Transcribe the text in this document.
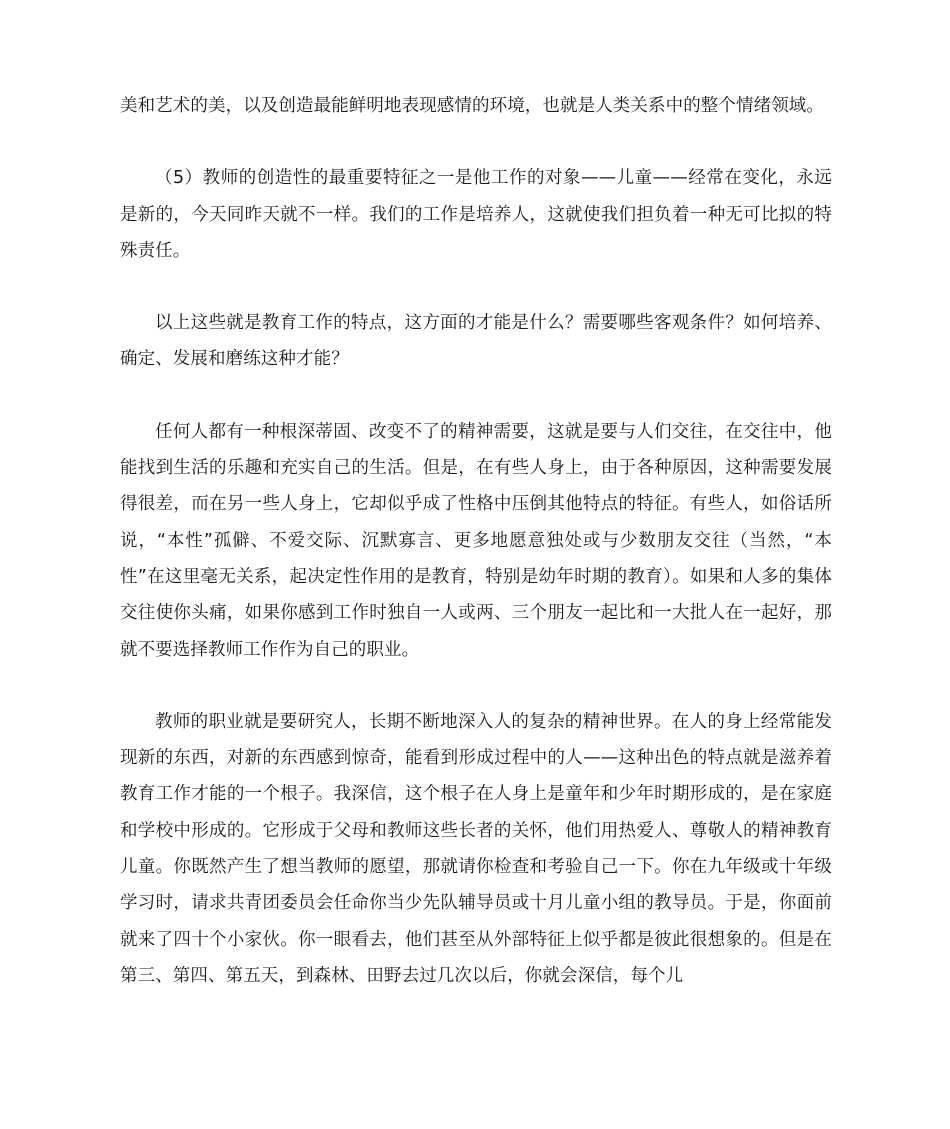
美和艺术的美，以及创造最能鲜明地表现感情的环境，也就是人类关系中的整个情绪领域。

（5）教师的创造性的最重要特征之一是他工作的对象——儿童——经常在变化，永远是新的，今天同昨天就不一样。我们的工作是培养人，这就使我们担负着一种无可比拟的特殊责任。

以上这些就是教育工作的特点，这方面的才能是什么？需要哪些客观条件？如何培养、确定、发展和磨练这种才能？

任何人都有一种根深蒂固、改变不了的精神需要，这就是要与人们交往，在交往中，他能找到生活的乐趣和充实自己的生活。但是，在有些人身上，由于各种原因，这种需要发展得很差，而在另一些人身上，它却似乎成了性格中压倒其他特点的特征。有些人，如俗话所说，“本性”孤僻、不爱交际、沉默寡言、更多地愿意独处或与少数朋友交往（当然，“本性”在这里毫无关系，起决定性作用的是教育，特别是幼年时期的教育）。如果和人多的集体交往使你头痛，如果你感到工作时独自一人或两、三个朋友一起比和一大批人在一起好，那就不要选择教师工作作为自己的职业。

教师的职业就是要研究人，长期不断地深入人的复杂的精神世界。在人的身上经常能发现新的东西，对新的东西感到惊奇，能看到形成过程中的人——这种出色的特点就是滋养着教育工作才能的一个根子。我深信，这个根子在人身上是童年和少年时期形成的，是在家庭和学校中形成的。它形成于父母和教师这些长者的关怀，他们用热爱人、尊敬人的精神教育儿童。你既然产生了想当教师的愿望，那就请你检查和考验自己一下。你在九年级或十年级学习时，请求共青团委员会任命你当少先队辅导员或十月儿童小组的教导员。于是，你面前就来了四十个小家伙。你一眼看去，他们甚至从外部特征上似乎都是彼此很想象的。但是在第三、第四、第五天，到森林、田野去过几次以后，你就会深信，每个儿
